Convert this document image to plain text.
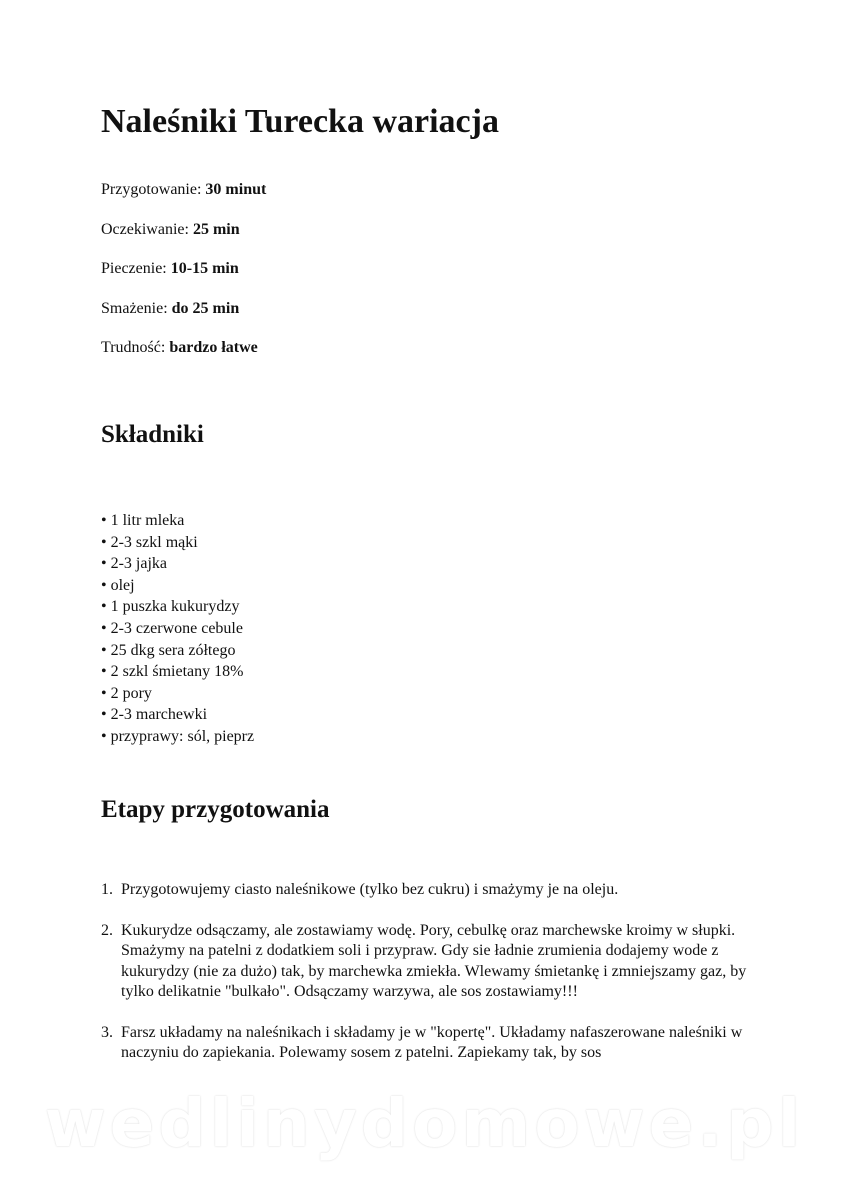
Naleśniki Turecka wariacja
Przygotowanie: 30 minut
Oczekiwanie: 25 min
Pieczenie: 10-15 min
Smażenie: do 25 min
Trudność: bardzo łatwe
Składniki
• 1 litr mleka
• 2-3 szkl mąki
• 2-3 jajka
• olej
• 1 puszka kukurydzy
• 2-3 czerwone cebule
• 25 dkg sera zółtego
• 2 szkl śmietany 18%
• 2 pory
• 2-3 marchewki
• przyprawy: sól, pieprz
Etapy przygotowania
1. Przygotowujemy ciasto naleśnikowe (tylko bez cukru) i smażymy je na oleju.
2. Kukurydze odsączamy, ale zostawiamy wodę. Pory, cebulkę oraz marchewske kroimy w słupki. Smażymy na patelni z dodatkiem soli i przypraw. Gdy sie ładnie zrumienia dodajemy wode z kukurydzy (nie za dużo) tak, by marchewka zmiekła. Wlewamy śmietankę i zmniejszamy gaz, by tylko delikatnie "bulkało". Odsączamy warzywa, ale sos zostawiamy!!!
3. Farsz układamy na naleśnikach i składamy je w "kopertę". Układamy nafaszerowane naleśniki w naczyniu do zapiekania. Polewamy sosem z patelni. Zapiekamy tak, by sos
wedlinydomowe.pl
